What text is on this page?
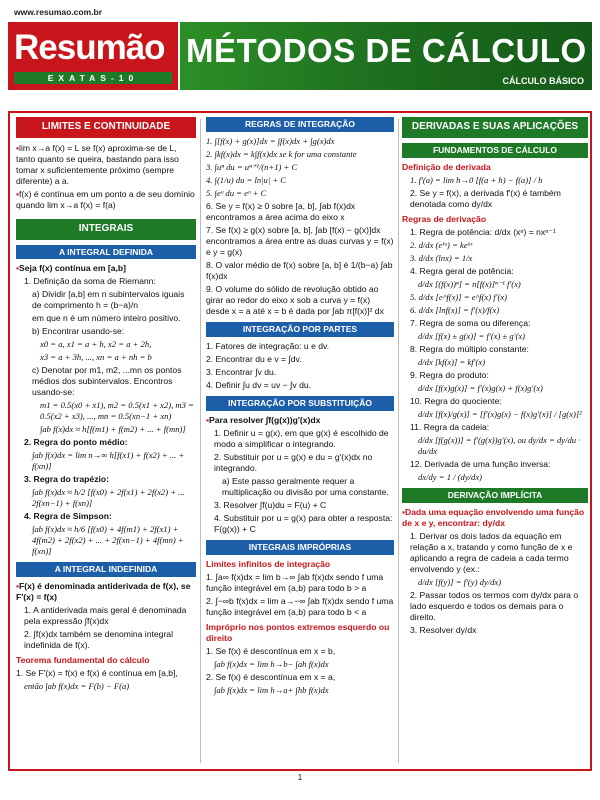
www.resumao.com.br
Resumão
EXATAS-10
MÉTODOS DE CÁLCULO
CÁLCULO BÁSICO
LIMITES E CONTINUIDADE
▪ lim x→a f(x) = L se f(x) aproxima-se de L, tanto quanto se queira, bastando para isso tomar x suficientemente próximo (sempre diferente) a a.
▪ f(x) é contínua em um ponto a de seu domínio quando lim x→a f(x) = f(a)
INTEGRAIS
A INTEGRAL DEFINIDA
▪ Seja f(x) contínua em [a,b]
1. Definição da soma de Riemann:
a) Dividir [a,b] em n subintervalos iguais de comprimento h = (b−a)/n
em que n é um número inteiro positivo.
b) Encontrar usando-se:
x0 = a, x1 = a + h, x2 = a + 2h,
x3 = a + 3h, ..., xn = a + nh = b
c) Denotar por m1, m2, ...mn os pontos médios dos subintervalos. Encontros usando-se:
m1 = 0.5(x0 + x1), m2 = 0.5(x1 + x2), m3 = 0.5(x2 + x3), ..., mn = 0.5(xn−1 + xn)
∫ab f(x)dx ≈ h[f(m1) + f(m2) + ... + f(mn)]
2. Regra do ponto médio:
∫ab f(x)dx = lim n→∞ h[f(x1) + f(x2) + ... + f(xn)]
3. Regra do trapézio:
∫ab f(x)dx ≈ h/2 [f(x0) + 2f(x1) + 2f(x2) + ... 2f(xn−1) + f(xn)]
4. Regra de Simpson:
∫ab f(x)dx ≈ h/6 [f(x0) + 4f(m1) + 2f(x1) + 4f(m2) + 2f(x2) + ... + 2f(xn−1) + 4f(mn) + f(xn)]
A INTEGRAL INDEFINIDA
▪ F(x) é denominada antiderivada de f(x), se F′(x) = f(x)
1. A antiderivada mais geral é denominada pela expressão ∫f(x)dx
2. ∫f(x)dx também se denomina integral indefinida de f(x).
Teorema fundamental do cálculo
1. Se F′(x) = f(x) e f(x) é contínua em [a,b],
então ∫ab f(x)dx = F(b) − F(a)
REGRAS DE INTEGRAÇÃO
1. ∫[f(x) + g(x)]dx = ∫f(x)dx + ∫g(x)dx
2. ∫kf(x)dx = k∫f(x)dx se k for uma constante
3. ∫uⁿ du = uⁿ⁺¹/(n+1) + C
4. ∫(1/u) du = ln|u| + C
5. ∫eᵘ du = eᵘ + C
6. Se y = f(x) ≥ 0 sobre [a, b], ∫ab f(x)dx encontramos a área acima do eixo x
7. Se f(x) ≥ g(x) sobre [a, b], ∫ab [f(x) − g(x)]dx encontramos a área entre as duas curvas y = f(x) e y = g(x)
8. O valor médio de f(x) sobre [a, b] é 1/(b−a) ∫ab f(x)dx
9. O volume do sólido de revolução obtido ao girar ao redor do eixo x sob a curva y = f(x) desde x = a até x = b é dada por ∫ab π[f(x)]² dx
INTEGRAÇÃO POR PARTES
1. Fatores de integração: u e dv.
2. Encontrar du e v = ∫dv.
3. Encontrar ∫v du.
4. Definir ∫u dv = uv − ∫v du.
INTEGRAÇÃO POR SUBSTITUIÇÃO
▪ Para resolver ∫f(g(x))g′(x)dx
1. Definir u = g(x), em que g(x) é escolhido de modo a simplificar o integrando.
2. Substituir por u = g(x) e du = g′(x)dx no integrando.
a) Este passo geralmente requer a multiplicação ou divisão por uma constante.
3. Resolver ∫f(u)du = F(u) + C
4. Substituir por u = g(x) para obter a resposta: F(g(x)) + C
INTEGRAIS IMPRÓPRIAS
Limites infinitos de integração
1. ∫a∞ f(x)dx = lim b→∞ ∫ab f(x)dx sendo f uma função integrável em (a,b) para todo b > a
2. ∫−∞b f(x)dx = lim a→−∞ ∫ab f(x)dx sendo f uma função integrável em (a,b) para todo b < a
Impróprio nos pontos extremos esquerdo ou direito
1. Se f(x) é descontínua em x = b,
∫ab f(x)dx = lim h→b− ∫ah f(x)dx
2. Se f(x) é descontínua em x = a,
∫ab f(x)dx = lim h→a+ ∫hb f(x)dx
DERIVADAS E SUAS APLICAÇÕES
FUNDAMENTOS DE CÁLCULO
Definição de derivada
1. f′(a) = lim h→0 [f(a + h) − f(a)] / h
2. Se y = f(x), a derivada f′(x) é também denotada como dy/dx
Regras de derivação
1. Regra de potência: d/dx (xⁿ) = nxⁿ⁻¹
2. d/dx (eᵏˣ) = keᵏˣ
3. d/dx (lnx) = 1/x
4. Regra geral de potência:
d/dx [(f(x))ⁿ] = n[f(x)]ⁿ⁻¹ f′(x)
5. d/dx [e^f(x)] = e^f(x) f′(x)
6. d/dx [lnf(x)] = f′(x)/f(x)
7. Regra de soma ou diferença:
d/dx [f(x) ± g(x)] = f′(x) ± g′(x)
8. Regra do múltiplo constante:
d/dx [kf(x)] = kf′(x)
9. Regra do produto:
d/dx [f(x)g(x)] = f′(x)g(x) + f(x)g′(x)
10. Regra do quociente:
d/dx [f(x)/g(x)] = [f′(x)g(x) − f(x)g′(x)] / [g(x)]²
11. Regra da cadeia:
d/dx [f(g(x))] = f′(g(x))g′(x), ou dy/dx = dy/du · du/dx
12. Derivada de uma função inversa:
dx/dy = 1 / (dy/dx)
DERIVAÇÃO IMPLÍCITA
▪ Dada uma equação envolvendo uma função de x e y, encontrar: dy/dx
1. Derivar os dois lados da equação em relação a x, tratando y como função de x e aplicando a regra de cadeia a cada termo envolvendo y (ex.:
d/dx [f(y)] = f′(y) dy/dx)
2. Passar todos os termos com dy/dx para o lado esquerdo e todos os demais para o direito.
3. Resolver dy/dx
1
